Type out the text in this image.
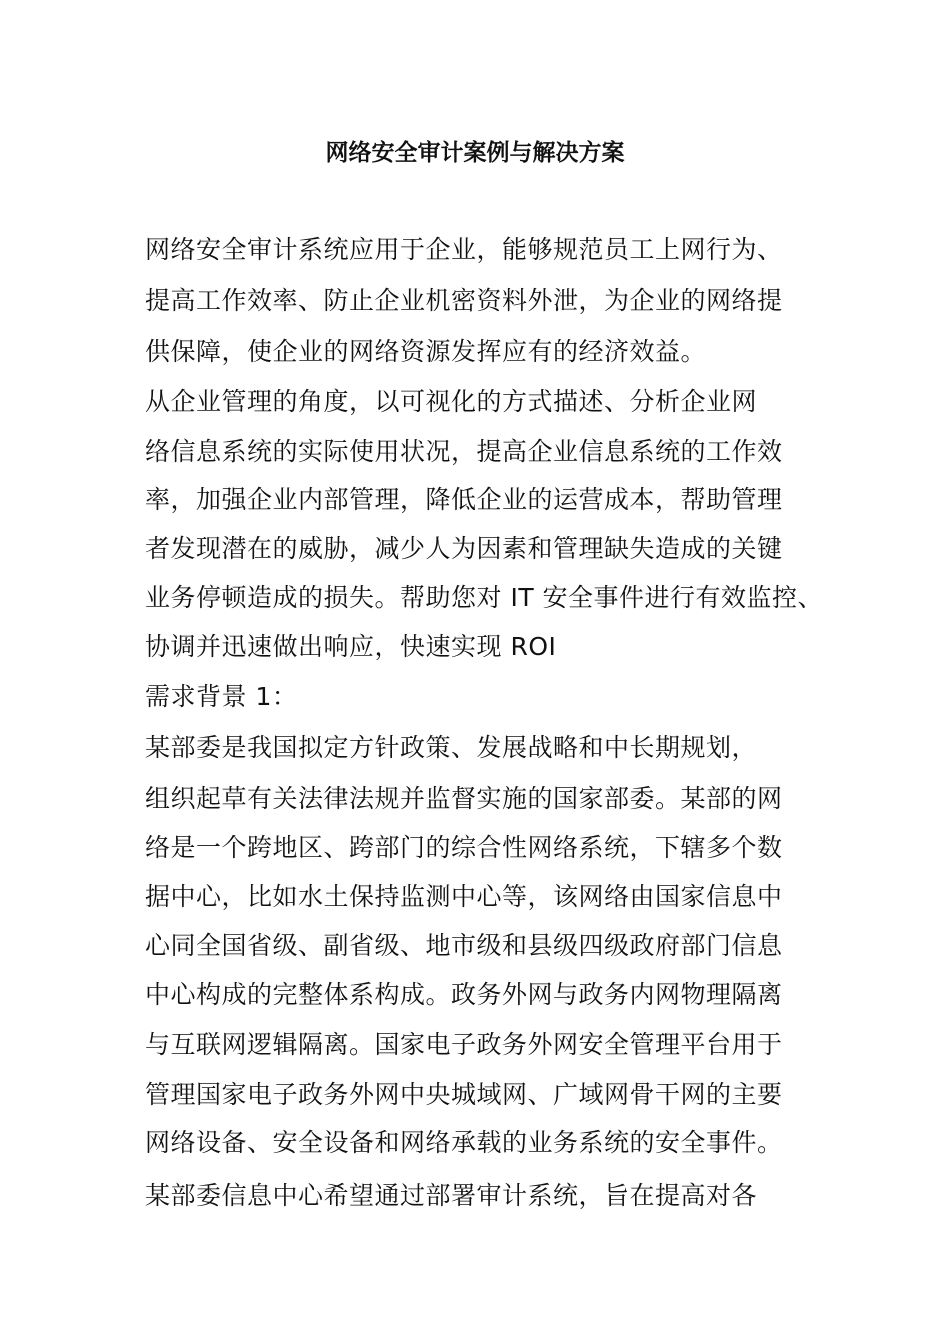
网络安全审计案例与解决方案
网络安全审计系统应用于企业，能够规范员工上网行为、
提高工作效率、防止企业机密资料外泄，为企业的网络提
供保障，使企业的网络资源发挥应有的经济效益。
从企业管理的角度，以可视化的方式描述、分析企业网
络信息系统的实际使用状况，提高企业信息系统的工作效
率，加强企业内部管理，降低企业的运营成本，帮助管理
者发现潜在的威胁，减少人为因素和管理缺失造成的关键
业务停顿造成的损失。帮助您对 IT 安全事件进行有效监控、
协调并迅速做出响应，快速实现 ROI
需求背景 1：
某部委是我国拟定方针政策、发展战略和中长期规划，
组织起草有关法律法规并监督实施的国家部委。某部的网
络是一个跨地区、跨部门的综合性网络系统，下辖多个数
据中心，比如水土保持监测中心等，该网络由国家信息中
心同全国省级、副省级、地市级和县级四级政府部门信息
中心构成的完整体系构成。政务外网与政务内网物理隔离
与互联网逻辑隔离。国家电子政务外网安全管理平台用于
管理国家电子政务外网中央城域网、广域网骨干网的主要
网络设备、安全设备和网络承载的业务系统的安全事件。
某部委信息中心希望通过部署审计系统，旨在提高对各
